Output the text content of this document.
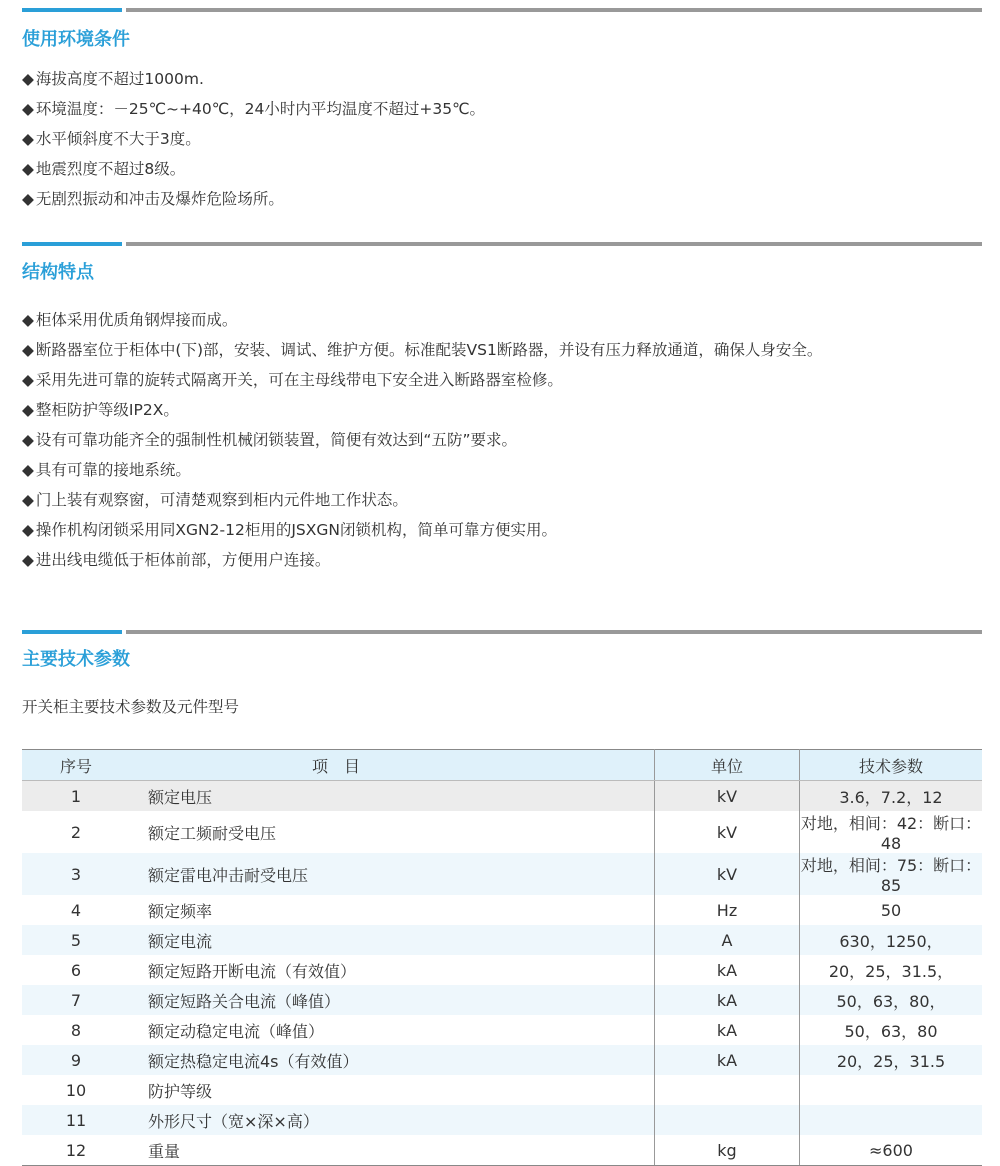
使用环境条件
◆ 海拔高度不超过1000m.
◆ 环境温度：－25℃~+40℃，24小时内平均温度不超过+35℃。
◆ 水平倾斜度不大于3度。
◆ 地震烈度不超过8级。
◆ 无剧烈振动和冲击及爆炸危险场所。
结构特点
◆ 柜体采用优质角钢焊接而成。
◆ 断路器室位于柜体中(下)部，安装、调试、维护方便。标准配装VS1断路器，并设有压力释放通道，确保人身安全。
◆ 采用先进可靠的旋转式隔离开关，可在主母线带电下安全进入断路器室检修。
◆ 整柜防护等级IP2X。
◆ 设有可靠功能齐全的强制性机械闭锁装置，简便有效达到“五防”要求。
◆ 具有可靠的接地系统。
◆ 门上装有观察窗，可清楚观察到柜内元件地工作状态。
◆ 操作机构闭锁采用同XGN2-12柜用的JSXGN闭锁机构，简单可靠方便实用。
◆ 进出线电缆低于柜体前部，方便用户连接。
主要技术参数
开关柜主要技术参数及元件型号
序号	项　目	单位	技术参数
1	额定电压	kV	3.6，7.2，12
2	额定工频耐受电压	kV	对地，相间：42：断口：48
3	额定雷电冲击耐受电压	kV	对地，相间：75：断口：85
4	额定频率	Hz	50
5	额定电流	A	630，1250，
6	额定短路开断电流（有效值）	kA	20，25，31.5，
7	额定短路关合电流（峰值）	kA	50，63，80，
8	额定动稳定电流（峰值）	kA	50，63，80
9	额定热稳定电流4s（有效值）	kA	20，25，31.5
10	防护等级		
11	外形尺寸（宽×深×高）		
12	重量	kg	≈600
